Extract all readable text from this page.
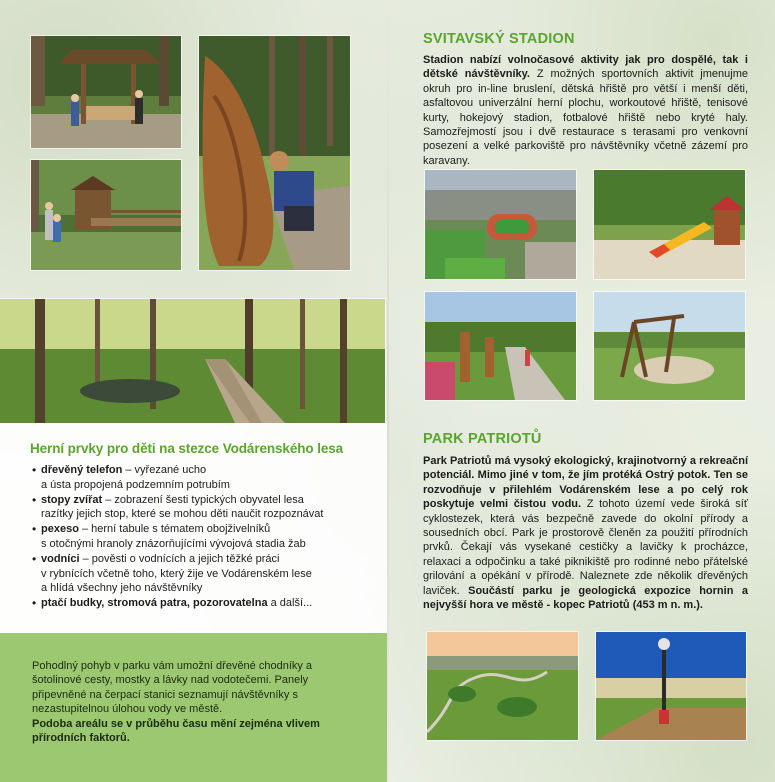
Herní prvky pro děti na stezce Vodárenského lesa
• dřevěný telefon – vyřezané ucho
a ústa propojená podzemním potrubím
• stopy zvířat – zobrazení šesti typických obyvatel lesa
razítky jejich stop, které se mohou děti naučit rozpoznávat
• pexeso – herní tabule s tématem obojživelníků
s otočnými hranoly znázorňujícími vývojová stadia žab
• vodníci – pověsti o vodnících a jejich těžké práci
v rybnících včetně toho, který žije ve Vodárenském lese
a hlídá všechny jeho návštěvníky
• ptačí budky, stromová patra, pozorovatelna a další...
Pohodlný pohyb v parku vám umožní dřevěné chodníky a šotolinové cesty, mostky a lávky nad vodotečemi. Panely připevněné na čerpací stanici seznamují návštěvníky s nezastupitelnou úlohou vody ve městě.
Podoba areálu se v průběhu času mění zejména vlivem přírodních faktorů.
SVITAVSKÝ STADION
Stadion nabízí volnočasové aktivity jak pro dospělé, tak i dětské návštěvníky. Z možných sportovních aktivit jmenujme okruh pro in-line bruslení, dětská hřiště pro větší i menší děti, asfaltovou univerzální herní plochu, workoutové hřiště, tenisové kurty, hokejový stadion, fotbalové hřiště nebo kryté haly. Samozřejmostí jsou i dvě restaurace s terasami pro venkovní posezení a velké parkoviště pro návštěvníky včetně zázemí pro karavany.
PARK PATRIOTŮ
Park Patriotů má vysoký ekologický, krajinotvorný a rekreační potenciál. Mimo jiné v tom, že jím protéká Ostrý potok. Ten se rozvodňuje v přilehlém Vodárenském lese a po celý rok poskytuje velmi čistou vodu. Z tohoto území vede široká síť cyklostezek, která vás bezpečně zavede do okolní přírody a sousedních obcí. Park je prostorově členěn za použití přírodních prvků. Čekají vás vysekané cestičky a lavičky k procházce, relaxaci a odpočinku a také piknikiště pro rodinné nebo přátelské grilování a opékání v přírodě. Naleznete zde několik dřevěných laviček. Součástí parku je geologická expozice hornin a nejvyšší hora ve městě - kopec Patriotů (453 m n. m.).
